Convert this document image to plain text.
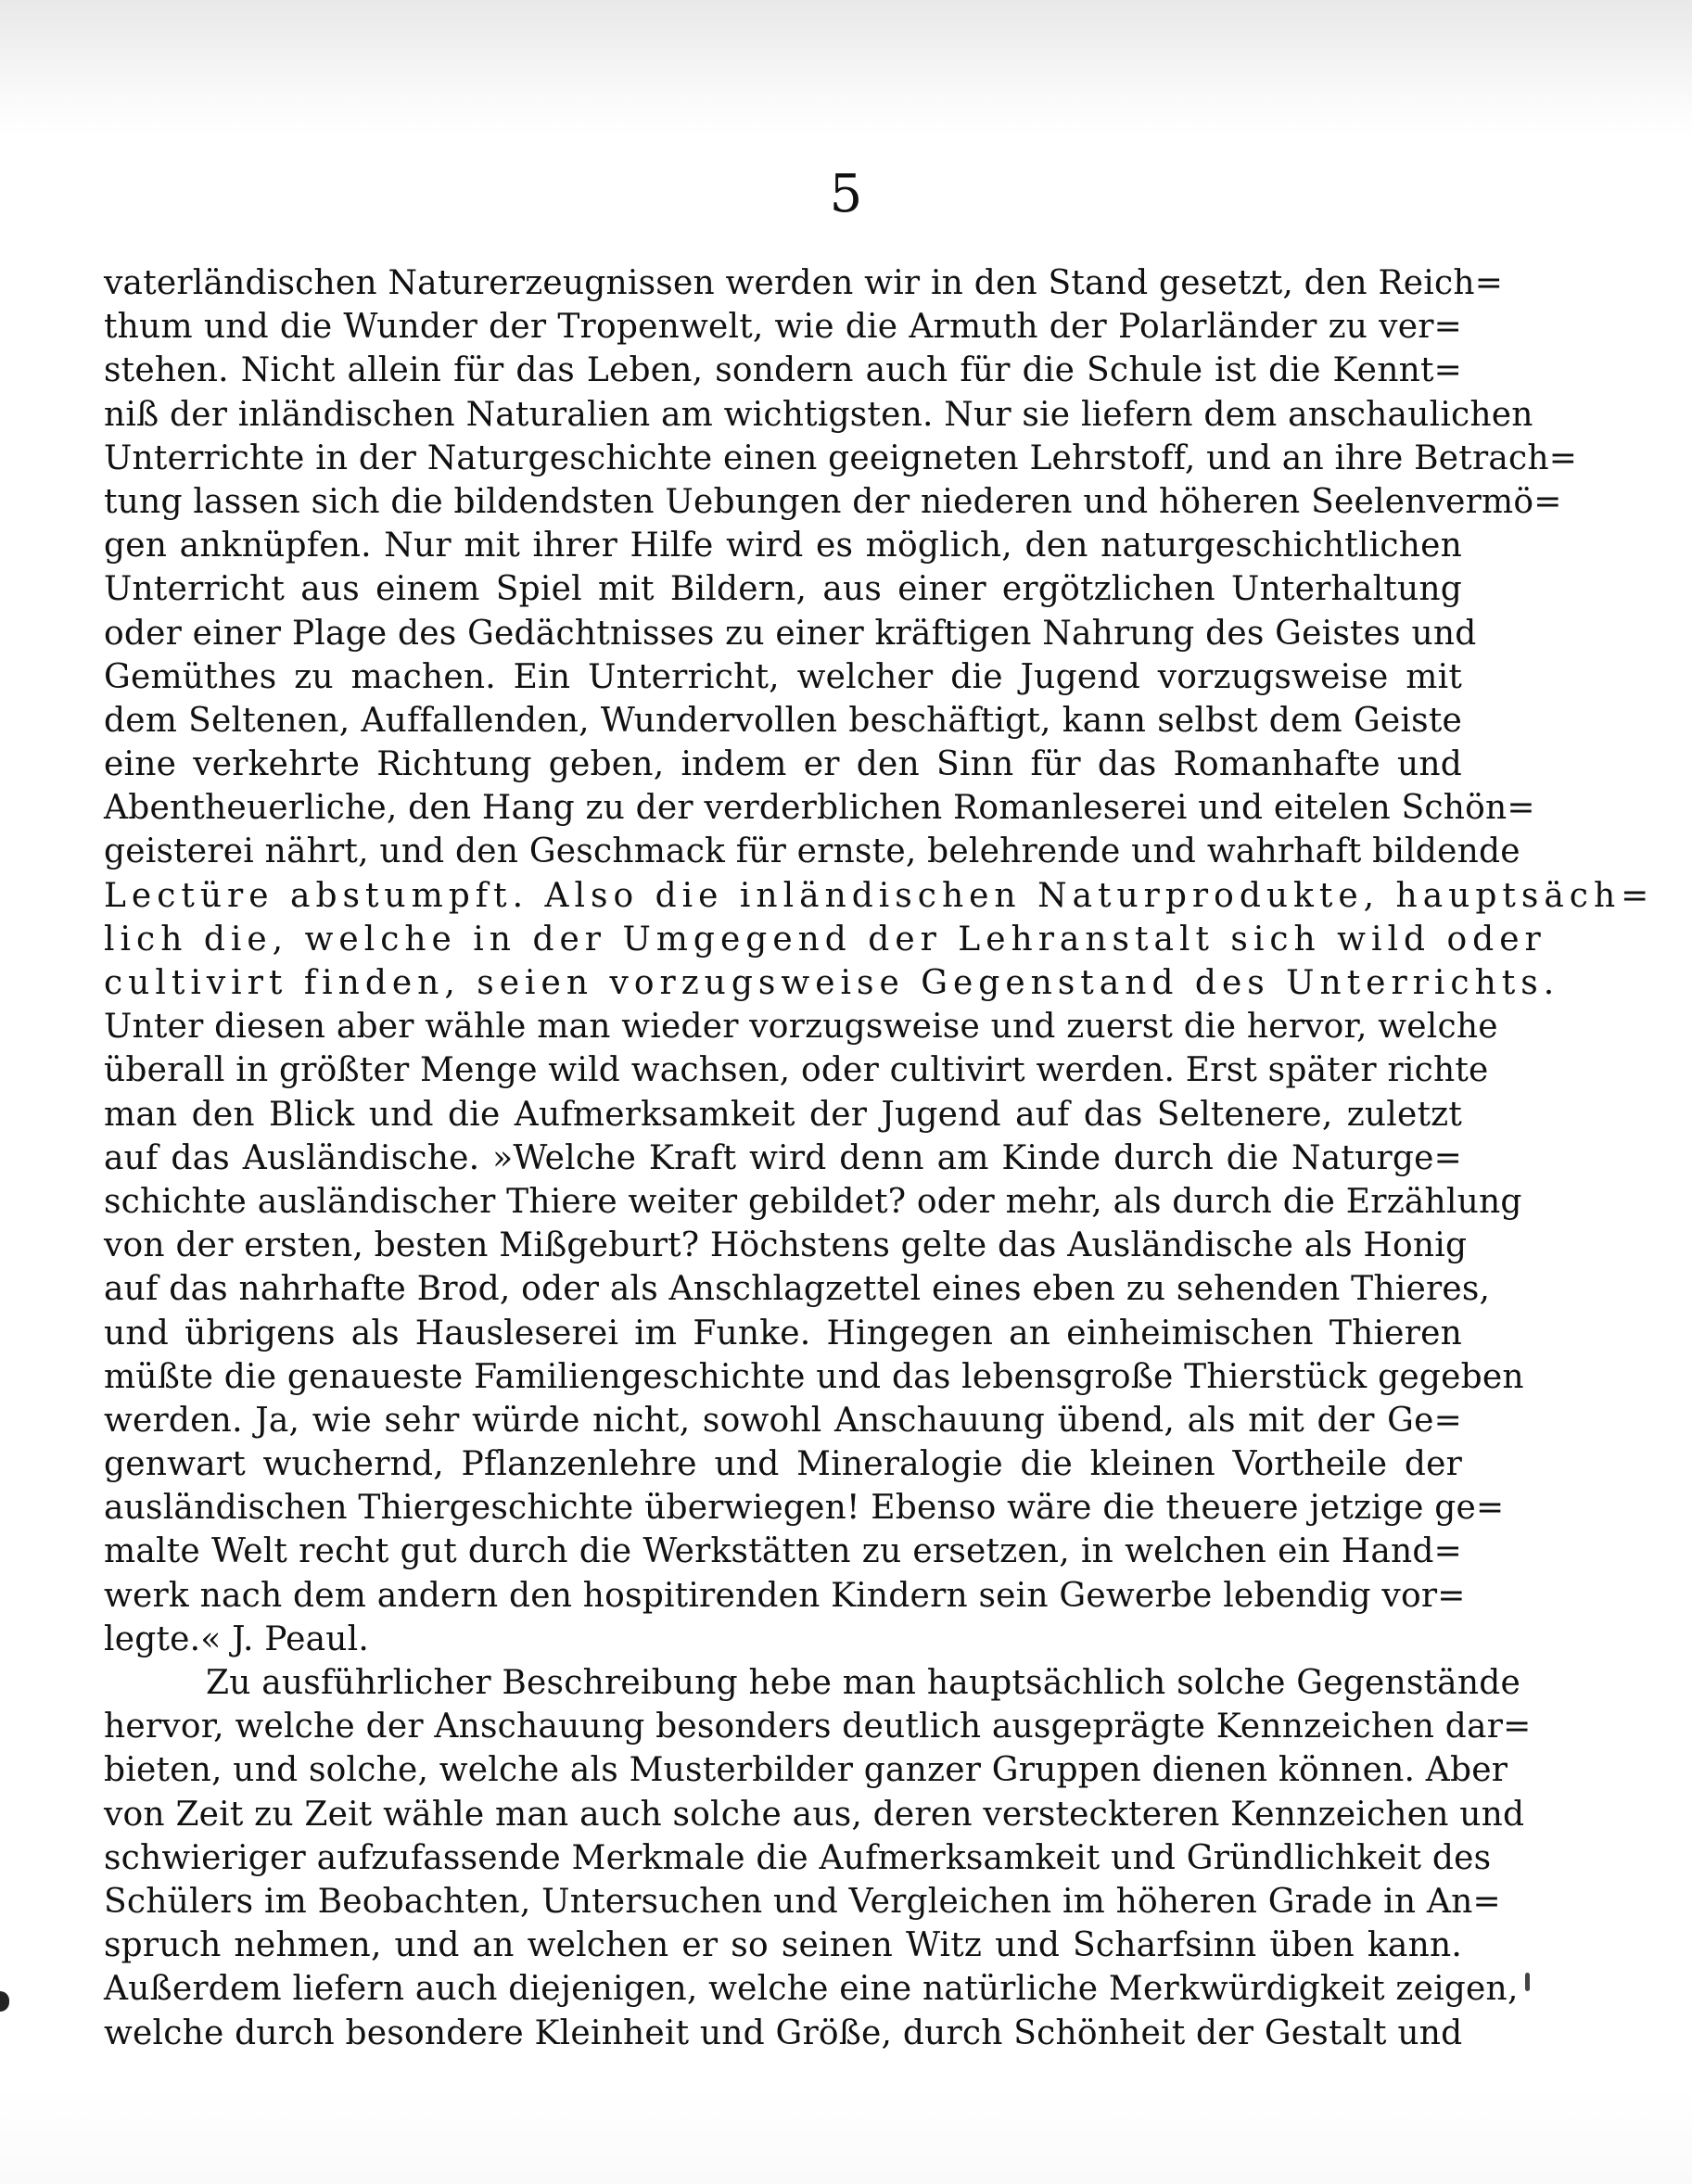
5
vaterländischen Naturerzeugnissen werden wir in den Stand gesetzt, den Reich=
thum und die Wunder der Tropenwelt, wie die Armuth der Polarländer zu ver=
stehen. Nicht allein für das Leben, sondern auch für die Schule ist die Kennt=
niß der inländischen Naturalien am wichtigsten. Nur sie liefern dem anschaulichen
Unterrichte in der Naturgeschichte einen geeigneten Lehrstoff, und an ihre Betrach=
tung lassen sich die bildendsten Uebungen der niederen und höheren Seelenvermö=
gen anknüpfen. Nur mit ihrer Hilfe wird es möglich, den naturgeschichtlichen
Unterricht aus einem Spiel mit Bildern, aus einer ergötzlichen Unterhaltung
oder einer Plage des Gedächtnisses zu einer kräftigen Nahrung des Geistes und
Gemüthes zu machen. Ein Unterricht, welcher die Jugend vorzugsweise mit
dem Seltenen, Auffallenden, Wundervollen beschäftigt, kann selbst dem Geiste
eine verkehrte Richtung geben, indem er den Sinn für das Romanhafte und
Abentheuerliche, den Hang zu der verderblichen Romanleserei und eitelen Schön=
geisterei nährt, und den Geschmack für ernste, belehrende und wahrhaft bildende
Lectüre abstumpft. Also die inländischen Naturprodukte, hauptsäch=
lich die, welche in der Umgegend der Lehranstalt sich wild oder
cultivirt finden, seien vorzugsweise Gegenstand des Unterrichts.
Unter diesen aber wähle man wieder vorzugsweise und zuerst die hervor, welche
überall in größter Menge wild wachsen, oder cultivirt werden. Erst später richte
man den Blick und die Aufmerksamkeit der Jugend auf das Seltenere, zuletzt
auf das Ausländische. »Welche Kraft wird denn am Kinde durch die Naturge=
schichte ausländischer Thiere weiter gebildet? oder mehr, als durch die Erzählung
von der ersten, besten Mißgeburt? Höchstens gelte das Ausländische als Honig
auf das nahrhafte Brod, oder als Anschlagzettel eines eben zu sehenden Thieres,
und übrigens als Hausleserei im Funke. Hingegen an einheimischen Thieren
müßte die genaueste Familiengeschichte und das lebensgroße Thierstück gegeben
werden. Ja, wie sehr würde nicht, sowohl Anschauung übend, als mit der Ge=
genwart wuchernd, Pflanzenlehre und Mineralogie die kleinen Vortheile der
ausländischen Thiergeschichte überwiegen! Ebenso wäre die theuere jetzige ge=
malte Welt recht gut durch die Werkstätten zu ersetzen, in welchen ein Hand=
werk nach dem andern den hospitirenden Kindern sein Gewerbe lebendig vor=
legte.« J. Peaul.
Zu ausführlicher Beschreibung hebe man hauptsächlich solche Gegenstände
hervor, welche der Anschauung besonders deutlich ausgeprägte Kennzeichen dar=
bieten, und solche, welche als Musterbilder ganzer Gruppen dienen können. Aber
von Zeit zu Zeit wähle man auch solche aus, deren versteckteren Kennzeichen und
schwieriger aufzufassende Merkmale die Aufmerksamkeit und Gründlichkeit des
Schülers im Beobachten, Untersuchen und Vergleichen im höheren Grade in An=
spruch nehmen, und an welchen er so seinen Witz und Scharfsinn üben kann.
Außerdem liefern auch diejenigen, welche eine natürliche Merkwürdigkeit zeigen,
welche durch besondere Kleinheit und Größe, durch Schönheit der Gestalt und
